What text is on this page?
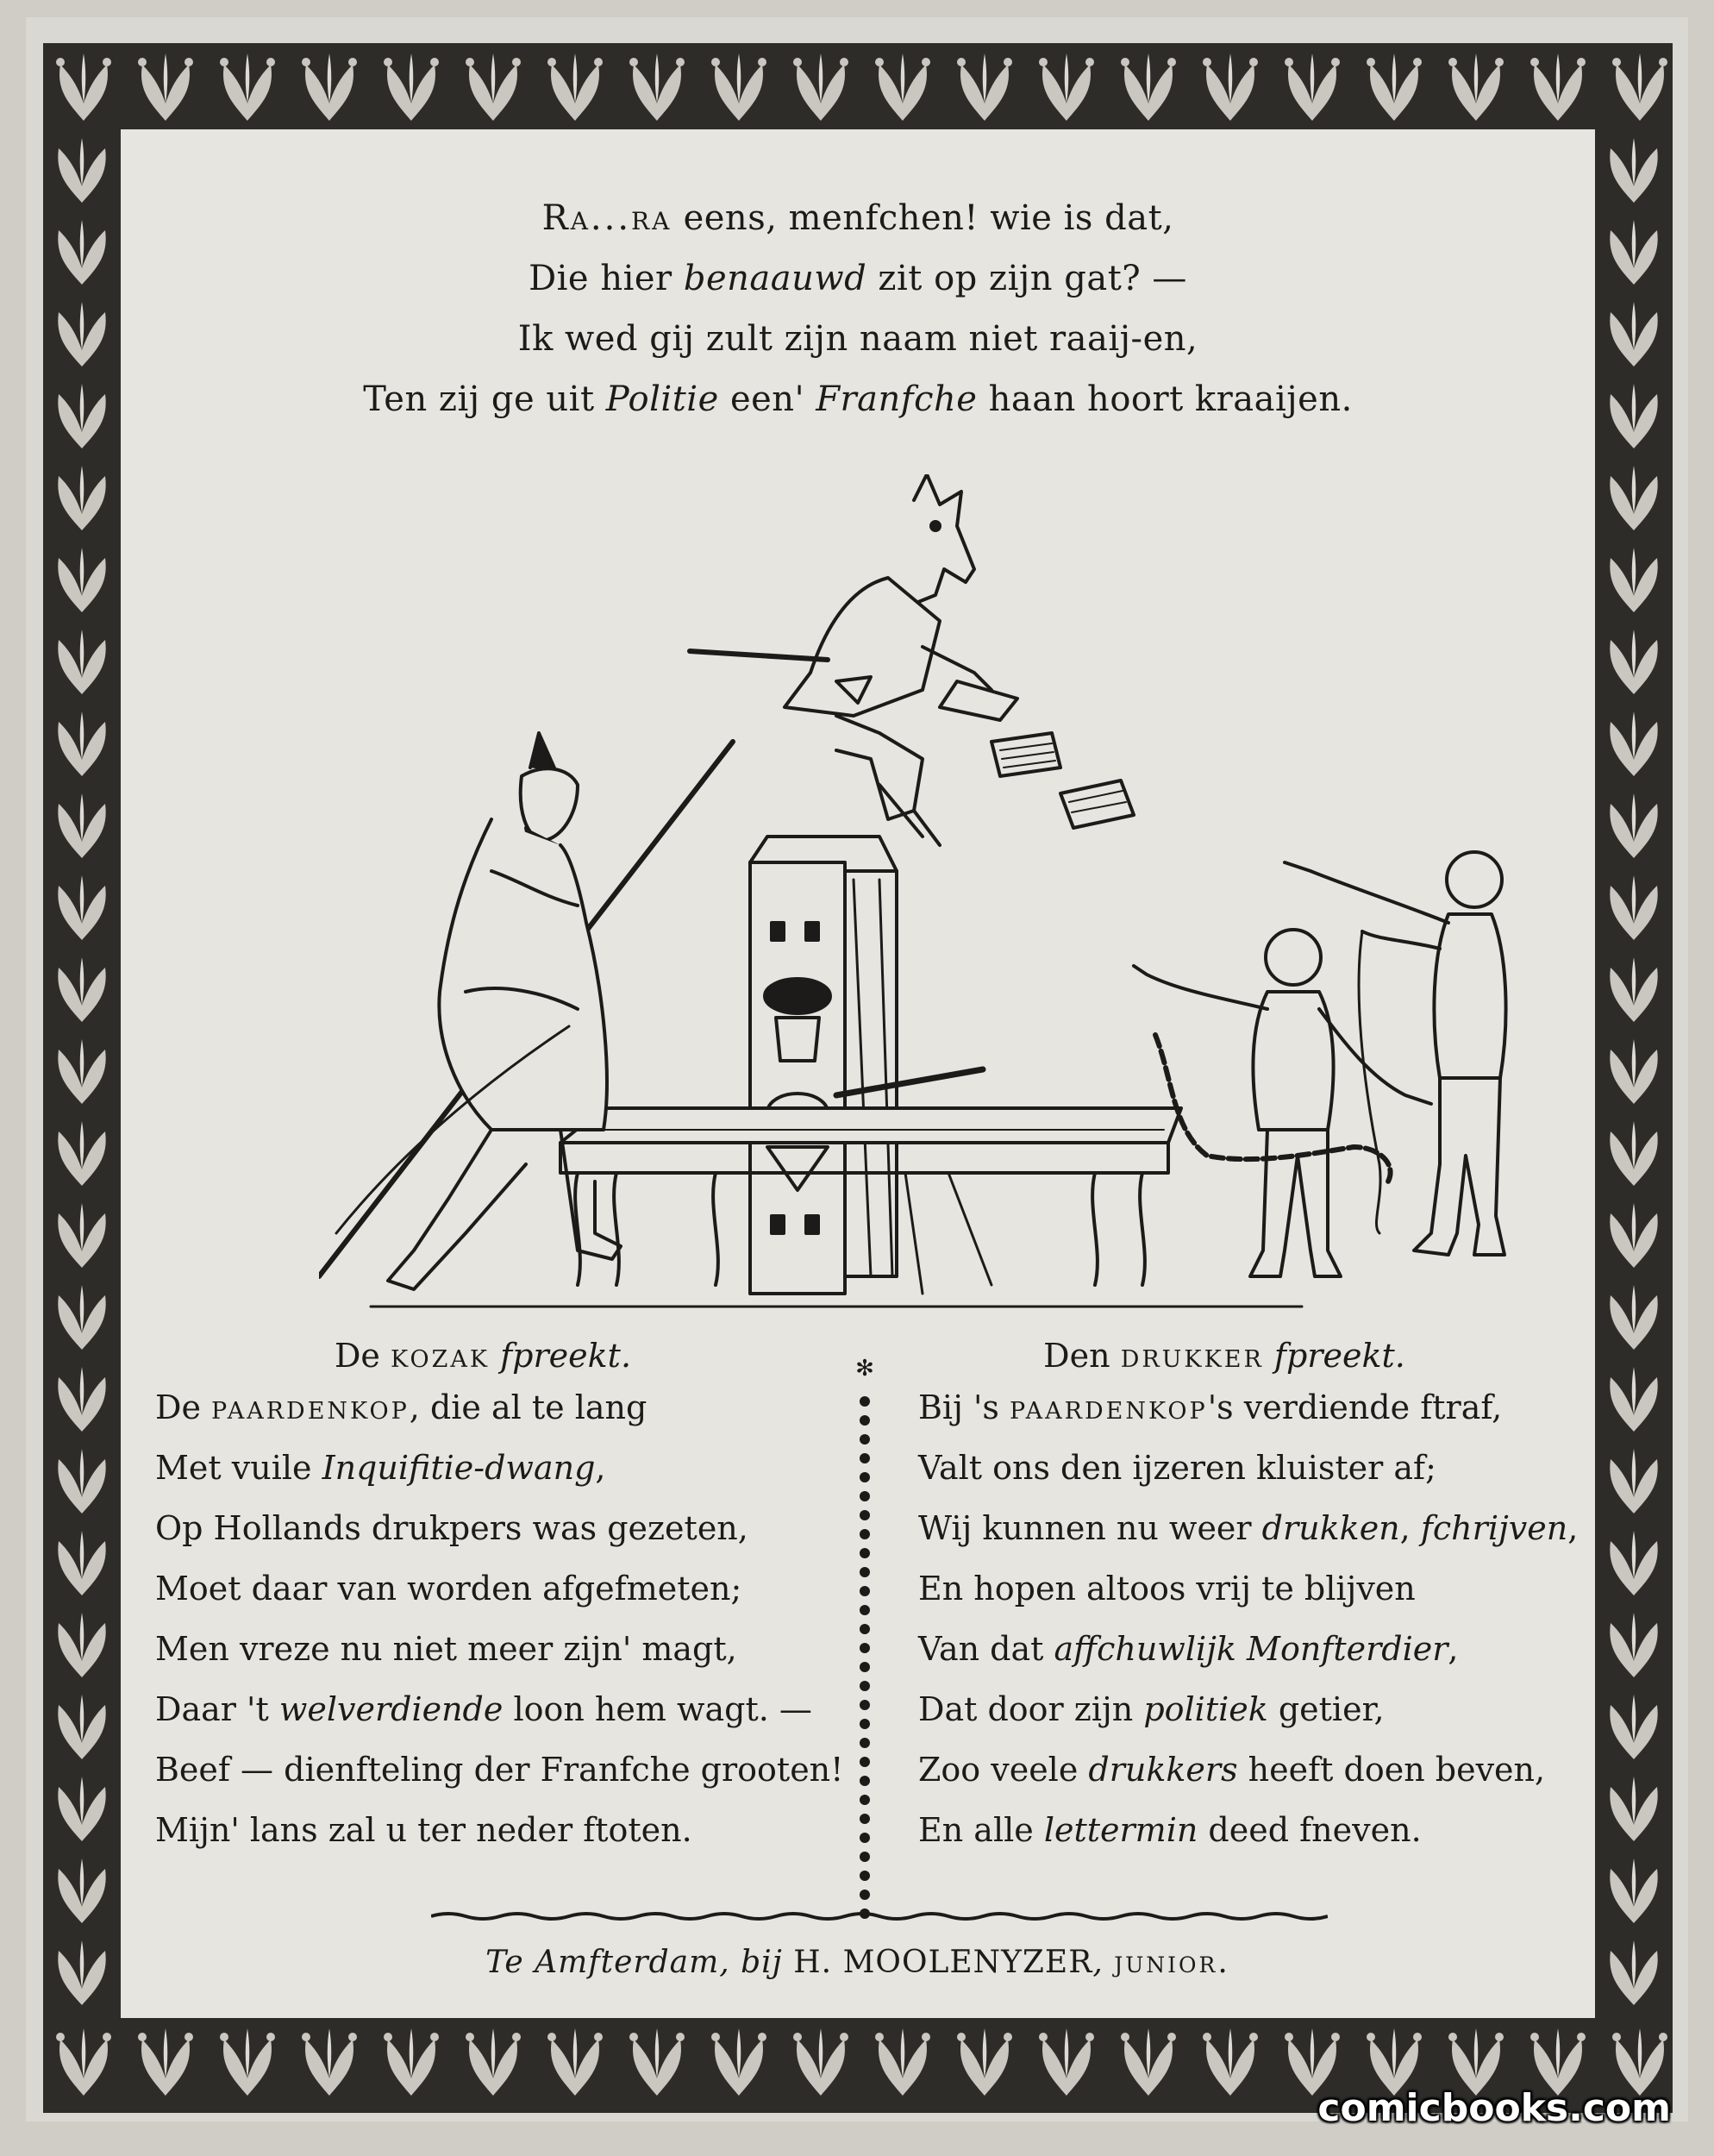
Ra...ra eens, menfchen! wie is dat,
Die hier benaauwd zit op zijn gat? —
Ik wed gij zult zijn naam niet raaij-en,
Ten zij ge uit Politie een' Franfche haan hoort kraaijen.
De kozak fpreekt.
De paardenkop, die al te lang
Met vuile Inquifitie-dwang,
Op Hollands drukpers was gezeten,
Moet daar van worden afgefmeten;
Men vreze nu niet meer zijn' magt,
Daar 't welverdiende loon hem wagt. —
Beef — dienfteling der Franfche grooten!
Mijn' lans zal u ter neder ftoten.
✻	Den drukker fpreekt.
Bij 's paardenkop's verdiende ftraf,
Valt ons den ijzeren kluister af;
Wij kunnen nu weer drukken, fchrijven,
En hopen altoos vrij te blijven
Van dat affchuwlijk Monfterdier,
Dat door zijn politiek getier,
Zoo veele drukkers heeft doen beven,
En alle lettermin deed fneven.
Te Amfterdam, bij H. MOOLENYZER, junior.
comicbooks.com
